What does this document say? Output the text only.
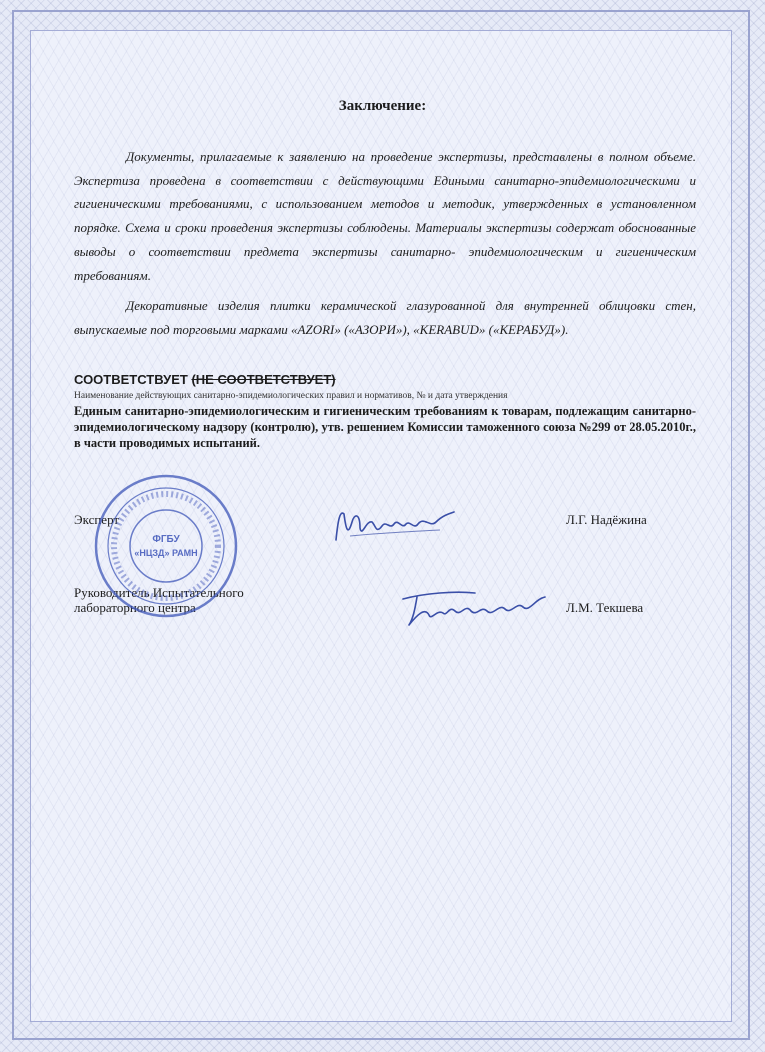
Заключение:

Документы, прилагаемые к заявлению на проведение экспертизы, представлены в полном объеме. Экспертиза проведена в соответствии с действующими Едиными санитарно-эпидемиологическими и гигиеническими требованиями, с использованием методов и методик, утвержденных в установленном порядке. Схема и сроки проведения экспертизы соблюдены. Материалы экспертизы содержат обоснованные выводы о соответствии предмета экспертизы санитарно- эпидемиологическим и гигиеническим требованиям.

Декоративные изделия плитки керамической глазурованной для внутренней облицовки стен, выпускаемые под торговыми марками «AZORI» («АЗОРИ»), «KERABUD» («КЕРАБУД»).

СООТВЕТСТВУЕТ (НЕ СООТВЕТСТВУЕТ)
Наименование действующих санитарно-эпидемиологических правил и нормативов, № и дата утверждения
Единым санитарно-эпидемиологическим и гигиеническим требованиям к товарам, подлежащим санитарно-эпидемиологическому надзору (контролю), утв. решением Комиссии таможенного союза №299 от 28.05.2010г., в части проводимых испытаний.
Эксперт	Л.Г. Надёжина
Руководитель Испытательного лабораторного центра	Л.М. Текшева
ФГБУ
«НЦЗД» РАМН
